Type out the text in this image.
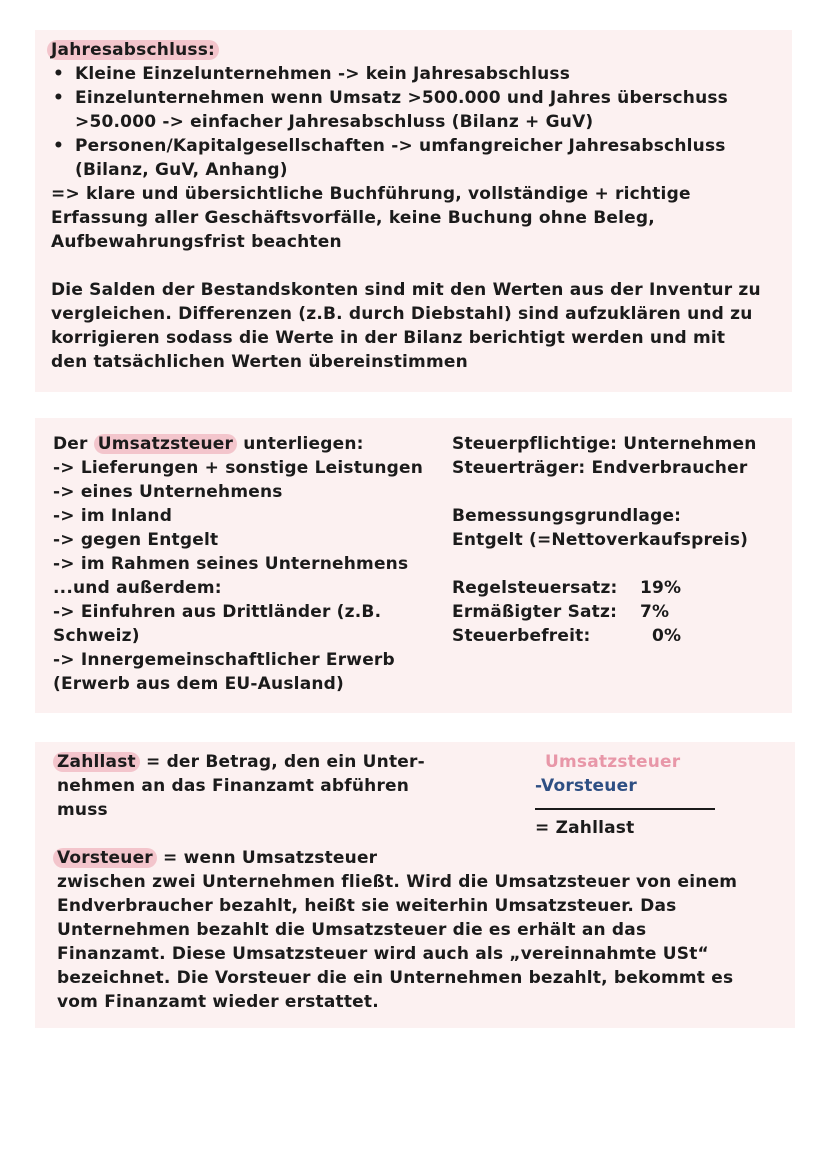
Jahresabschluss:

• Kleine Einzelunternehmen -> kein Jahresabschluss
• Einzelunternehmen wenn Umsatz >500.000 und Jahres überschuss >50.000 -> einfacher Jahresabschluss (Bilanz + GuV)
• Personen/Kapitalgesellschaften -> umfangreicher Jahresabschluss (Bilanz, GuV, Anhang)

=> klare und übersichtliche Buchführung, vollständige + richtige Erfassung aller Geschäftsvorfälle, keine Buchung ohne Beleg, Aufbewahrungsfrist beachten

Die Salden der Bestandskonten sind mit den Werten aus der Inventur zu vergleichen. Differenzen (z.B. durch Diebstahl) sind aufzuklären und zu korrigieren sodass die Werte in der Bilanz berichtigt werden und mit den tatsächlichen Werten übereinstimmen

Der Umsatzsteuer unterliegen:

-> Lieferungen + sonstige Leistungen

-> eines Unternehmens

-> im Inland

-> gegen Entgelt

-> im Rahmen seines Unternehmens

...und außerdem:

-> Einfuhren aus Drittländer (z.B. Schweiz)

-> Innergemeinschaftlicher Erwerb (Erwerb aus dem EU-Ausland)

Steuerpflichtige: Unternehmen

Steuerträger: Endverbraucher

Bemessungsgrundlage:

Entgelt (=Nettoverkaufspreis)

Regelsteuersatz: 19%

Ermäßigter Satz: 7%

Steuerbefreit:	0%

Zahllast = der Betrag, den ein Unter- nehmen an das Finanzamt abführen muss

Umsatzsteuer

-Vorsteuer

= Zahllast

Vorsteuer = wenn Umsatzsteuer

zwischen zwei Unternehmen fließt. Wird die Umsatzsteuer von einem Endverbraucher bezahlt, heißt sie weiterhin Umsatzsteuer. Das Unternehmen bezahlt die Umsatzsteuer die es erhält an das Finanzamt. Diese Umsatzsteuer wird auch als „vereinnahmte USt“ bezeichnet. Die Vorsteuer die ein Unternehmen bezahlt, bekommt es vom Finanzamt wieder erstattet.
